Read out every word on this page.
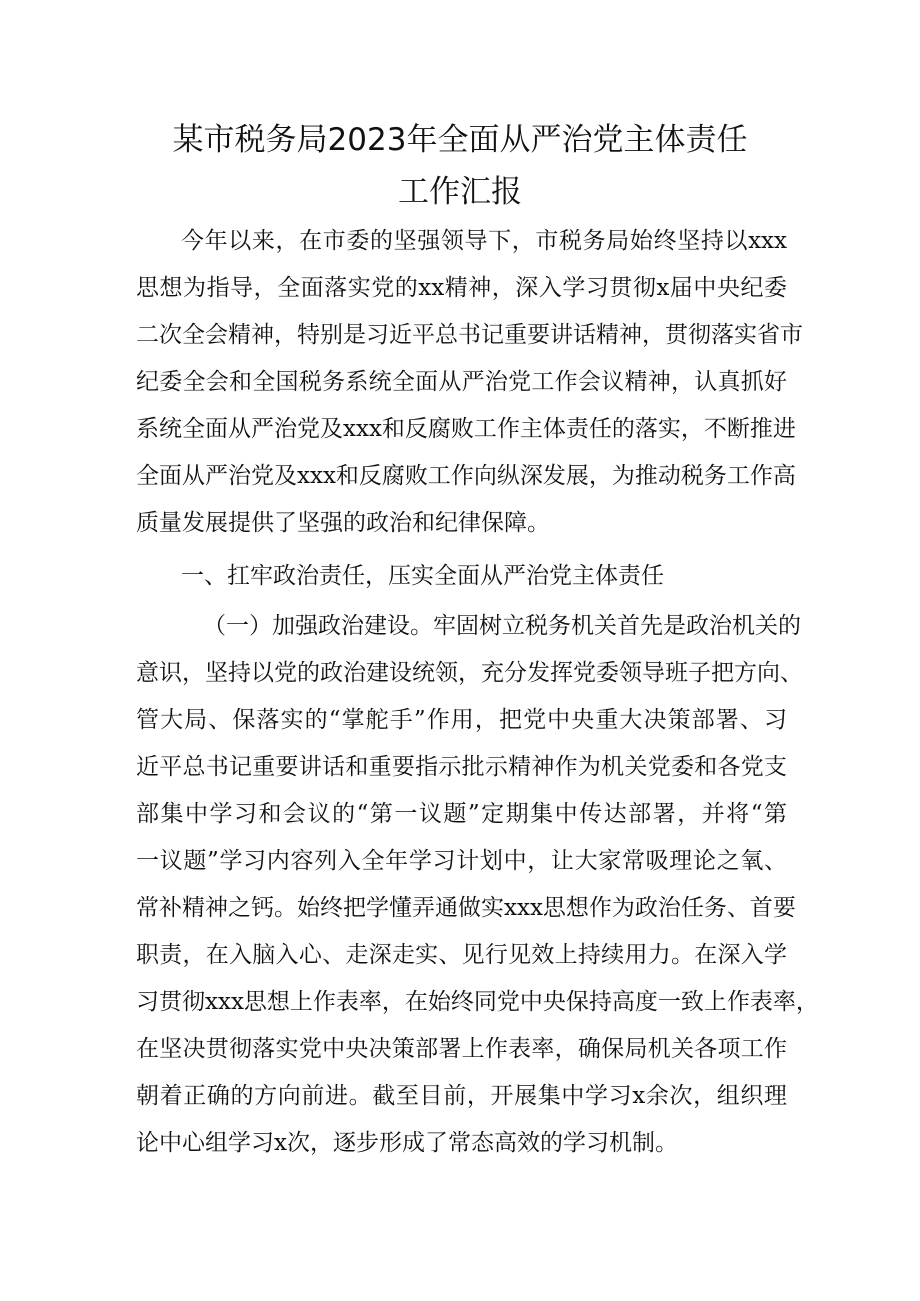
某市税务局2023年全面从严治党主体责任
工作汇报
今年以来，在市委的坚强领导下，市税务局始终坚持以xxx
思想为指导，全面落实党的xx精神，深入学习贯彻x届中央纪委
二次全会精神，特别是习近平总书记重要讲话精神，贯彻落实省市
纪委全会和全国税务系统全面从严治党工作会议精神，认真抓好
系统全面从严治党及xxx和反腐败工作主体责任的落实，不断推进
全面从严治党及xxx和反腐败工作向纵深发展，为推动税务工作高
质量发展提供了坚强的政治和纪律保障。
一、扛牢政治责任，压实全面从严治党主体责任
（一）加强政治建设。牢固树立税务机关首先是政治机关的
意识，坚持以党的政治建设统领，充分发挥党委领导班子把方向、
管大局、保落实的“掌舵手”作用，把党中央重大决策部署、习
近平总书记重要讲话和重要指示批示精神作为机关党委和各党支
部集中学习和会议的“第一议题”定期集中传达部署，并将“第
一议题”学习内容列入全年学习计划中，让大家常吸理论之氧、
常补精神之钙。始终把学懂弄通做实xxx思想作为政治任务、首要
职责，在入脑入心、走深走实、见行见效上持续用力。在深入学
习贯彻xxx思想上作表率，在始终同党中央保持高度一致上作表率，
在坚决贯彻落实党中央决策部署上作表率，确保局机关各项工作
朝着正确的方向前进。截至目前，开展集中学习x余次，组织理
论中心组学习x次，逐步形成了常态高效的学习机制。
